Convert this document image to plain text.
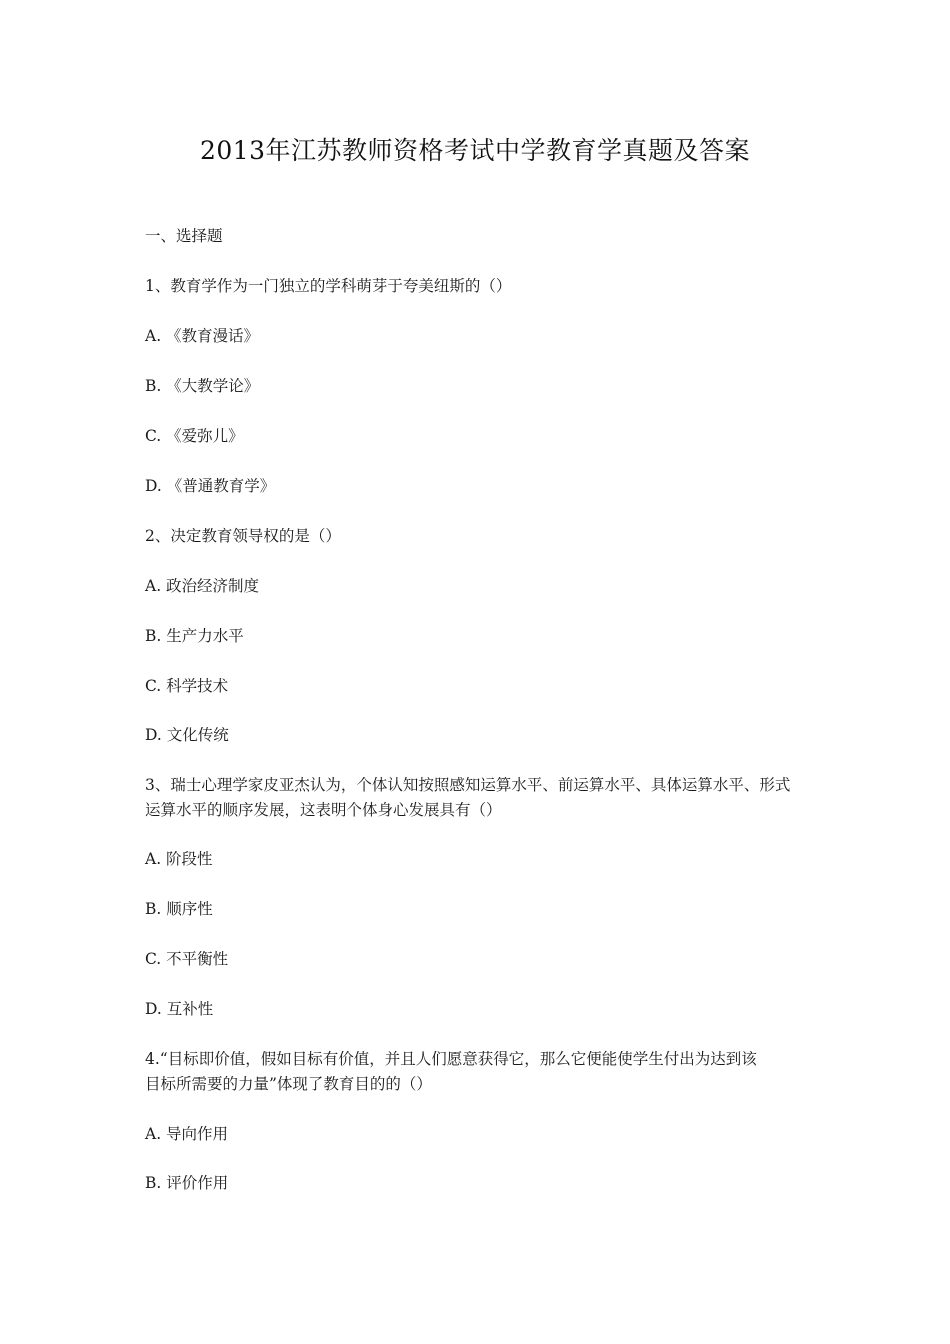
2013年江苏教师资格考试中学教育学真题及答案
一、选择题
1、教育学作为一门独立的学科萌芽于夸美纽斯的（）
A. 《教育漫话》
B. 《大教学论》
C. 《爱弥儿》
D. 《普通教育学》
2、决定教育领导权的是（）
A. 政治经济制度
B. 生产力水平
C. 科学技术
D. 文化传统
3、瑞士心理学家皮亚杰认为，个体认知按照感知运算水平、前运算水平、具体运算水平、形式
运算水平的顺序发展，这表明个体身心发展具有（）
A. 阶段性
B. 顺序性
C. 不平衡性
D. 互补性
4.“目标即价值，假如目标有价值，并且人们愿意获得它，那么它便能使学生付出为达到该
目标所需要的力量”体现了教育目的的（）
A. 导向作用
B. 评价作用
